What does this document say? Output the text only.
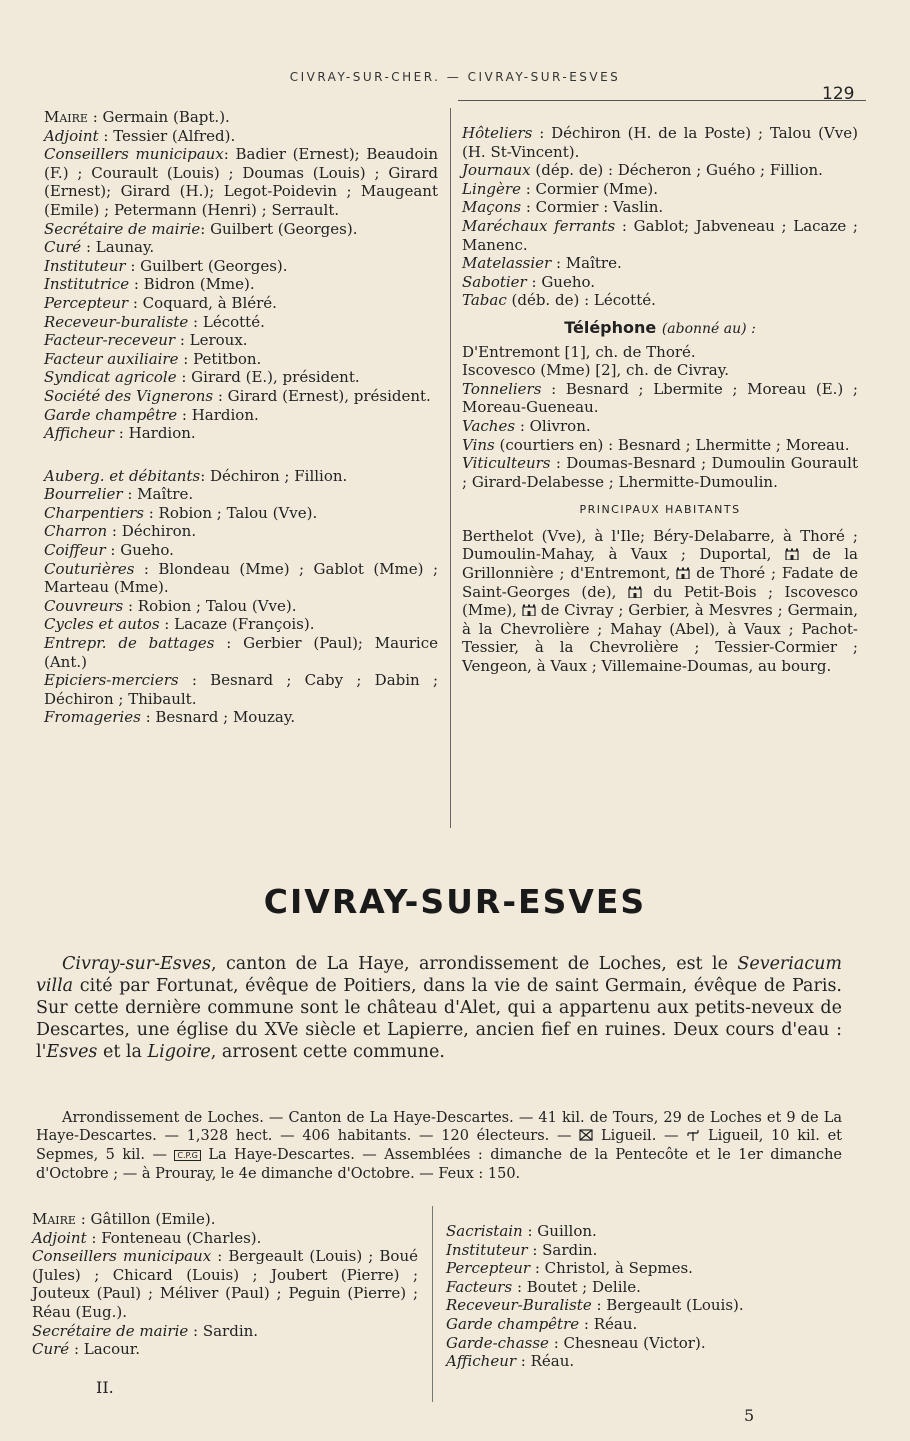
CIVRAY-SUR-CHER. — CIVRAY-SUR-ESVES
129

Maire : Germain (Bapt.).

Adjoint : Tessier (Alfred).

Conseillers municipaux: Badier (Ernest); Beaudoin (F.) ; Courault (Louis) ; Doumas (Louis) ; Girard (Ernest); Girard (H.); Legot-Poidevin ; Maugeant (Emile) ; Petermann (Henri) ; Serrault.

Secrétaire de mairie: Guilbert (Georges).

Curé : Launay.

Instituteur : Guilbert (Georges).

Institutrice : Bidron (Mme).

Percepteur : Coquard, à Bléré.

Receveur-buraliste : Lécotté.

Facteur-receveur : Leroux.

Facteur auxiliaire : Petitbon.

Syndicat agricole : Girard (E.), président.

Société des Vignerons : Girard (Ernest), président.

Garde champêtre : Hardion.

Afficheur : Hardion.

Auberg. et débitants: Déchiron ; Fillion.

Bourrelier : Maître.

Charpentiers : Robion ; Talou (Vve).

Charron : Déchiron.

Coiffeur : Gueho.

Couturières : Blondeau (Mme) ; Gablot (Mme) ; Marteau (Mme).

Couvreurs : Robion ; Talou (Vve).

Cycles et autos : Lacaze (François).

Entrepr. de battages : Gerbier (Paul); Maurice (Ant.)

Epiciers-merciers : Besnard ; Caby ; Dabin ; Déchiron ; Thibault.

Fromageries : Besnard ; Mouzay.

Hôteliers : Déchiron (H. de la Poste) ; Talou (Vve) (H. St-Vincent).

Journaux (dép. de) : Décheron ; Guého ; Fillion.

Lingère : Cormier (Mme).

Maçons : Cormier : Vaslin.

Maréchaux ferrants : Gablot; Jabveneau ; Lacaze ; Manenc.

Matelassier : Maître.

Sabotier : Gueho.

Tabac (déb. de) : Lécotté.

Téléphone (abonné au) :

D'Entremont [1], ch. de Thoré.

Iscovesco (Mme) [2], ch. de Civray.

Tonneliers : Besnard ; Lbermite ; Moreau (E.) ; Moreau-Gueneau.

Vaches : Olivron.

Vins (courtiers en) : Besnard ; Lhermitte ; Moreau.

Viticulteurs : Doumas-Besnard ; Dumoulin Gourault ; Girard-Delabesse ; Lhermitte-Dumoulin.

PRINCIPAUX HABITANTS

Berthelot (Vve), à l'Ile; Béry-Delabarre, à Thoré ; Dumoulin-Mahay, à Vaux ; Duportal,
de la Grillonnière ; d'Entremont,
de Thoré ; Fadate de Saint-Georges (de),
du Petit-Bois ; Iscovesco (Mme),
de Civray ; Gerbier, à Mesvres ; Germain, à la Chevrolière ; Mahay (Abel), à Vaux ; Pachot-Tessier, à la Chevrolière ; Tessier-Cormier ; Vengeon, à Vaux ; Villemaine-Doumas, au bourg.

CIVRAY-SUR-ESVES

Civray-sur-Esves, canton de La Haye, arrondissement de Loches, est le Severiacum villa cité par Fortunat, évêque de Poitiers, dans la vie de saint Germain, évêque de Paris. Sur cette dernière commune sont le château d'Alet, qui a appartenu aux petits-neveux de Descartes, une église du XVe siècle et Lapierre, ancien fief en ruines. Deux cours d'eau : l'Esves et la Ligoire, arrosent cette commune.

Arrondissement de Loches. — Canton de La Haye-Descartes. — 41 kil. de Tours, 29 de Loches et 9 de La Haye-Descartes. — 1,328 hect. — 406 habitants. — 120 électeurs. —
Ligueil. —
Ligueil, 10 kil. et Sepmes, 5 kil. — C.P.G La Haye-Descartes. — Assemblées : dimanche de la Pentecôte et le 1er dimanche d'Octobre ; — à Prouray, le 4e dimanche d'Octobre. — Feux : 150.

Maire : Gâtillon (Emile).

Adjoint : Fonteneau (Charles).

Conseillers municipaux : Bergeault (Louis) ; Boué (Jules) ; Chicard (Louis) ; Joubert (Pierre) ; Jouteux (Paul) ; Méliver (Paul) ; Peguin (Pierre) ; Réau (Eug.).

Secrétaire de mairie : Sardin.

Curé : Lacour.

Sacristain : Guillon.

Instituteur : Sardin.

Percepteur : Christol, à Sepmes.

Facteurs : Boutet ; Delile.

Receveur-Buraliste : Bergeault (Louis).

Garde champêtre : Réau.

Garde-chasse : Chesneau (Victor).

Afficheur : Réau.

II.
5
